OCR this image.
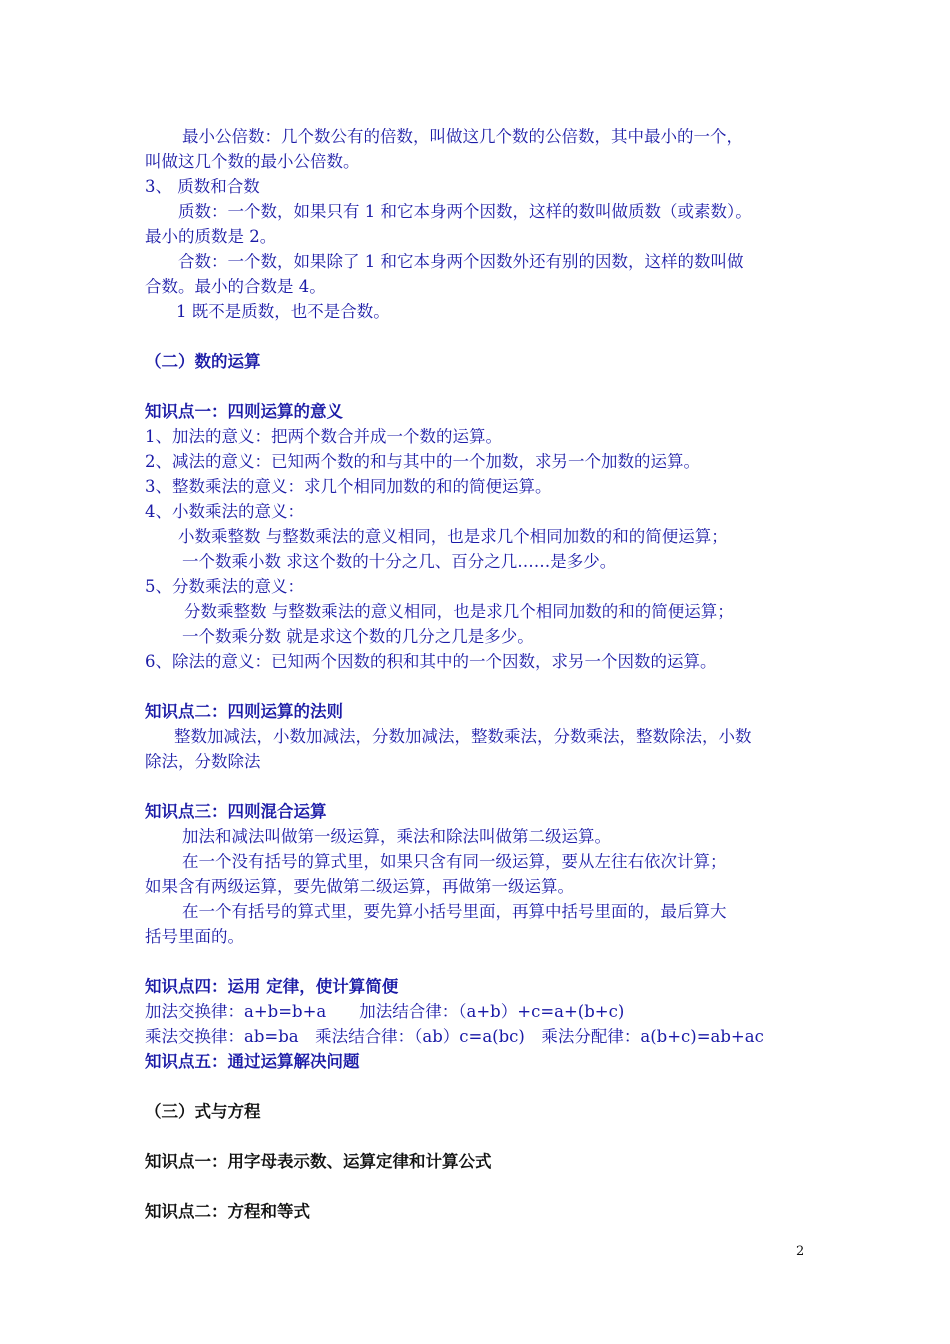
最小公倍数：几个数公有的倍数，叫做这几个数的公倍数，其中最小的一个，

叫做这几个数的最小公倍数。

3、 质数和合数

质数：一个数，如果只有 1 和它本身两个因数，这样的数叫做质数（或素数）。

最小的质数是 2。

合数：一个数，如果除了 1 和它本身两个因数外还有别的因数，这样的数叫做

合数。最小的合数是 4。

1 既不是质数，也不是合数。

（二）数的运算

知识点一：四则运算的意义

1、加法的意义：把两个数合并成一个数的运算。

2、减法的意义：已知两个数的和与其中的一个加数，求另一个加数的运算。

3、整数乘法的意义：求几个相同加数的和的简便运算。

4、小数乘法的意义：

小数乘整数 与整数乘法的意义相同，也是求几个相同加数的和的简便运算；

一个数乘小数 求这个数的十分之几、百分之几……是多少。

5、分数乘法的意义：

分数乘整数 与整数乘法的意义相同，也是求几个相同加数的和的简便运算；

一个数乘分数 就是求这个数的几分之几是多少。

6、除法的意义：已知两个因数的积和其中的一个因数，求另一个因数的运算。

知识点二：四则运算的法则

整数加减法，小数加减法，分数加减法，整数乘法，分数乘法，整数除法，小数

除法，分数除法

知识点三：四则混合运算

加法和减法叫做第一级运算，乘法和除法叫做第二级运算。

在一个没有括号的算式里，如果只含有同一级运算，要从左往右依次计算；

如果含有两级运算，要先做第二级运算，再做第一级运算。

在一个有括号的算式里，要先算小括号里面，再算中括号里面的，最后算大

括号里面的。

知识点四：运用 定律，使计算简便

加法交换律：a+b=b+a　　加法结合律：（a+b）+c=a+(b+c)

乘法交换律：ab=ba　乘法结合律：（ab）c=a(bc)　乘法分配律：a(b+c)=ab+ac

知识点五：通过运算解决问题

（三）式与方程

知识点一：用字母表示数、运算定律和计算公式

知识点二：方程和等式

2
